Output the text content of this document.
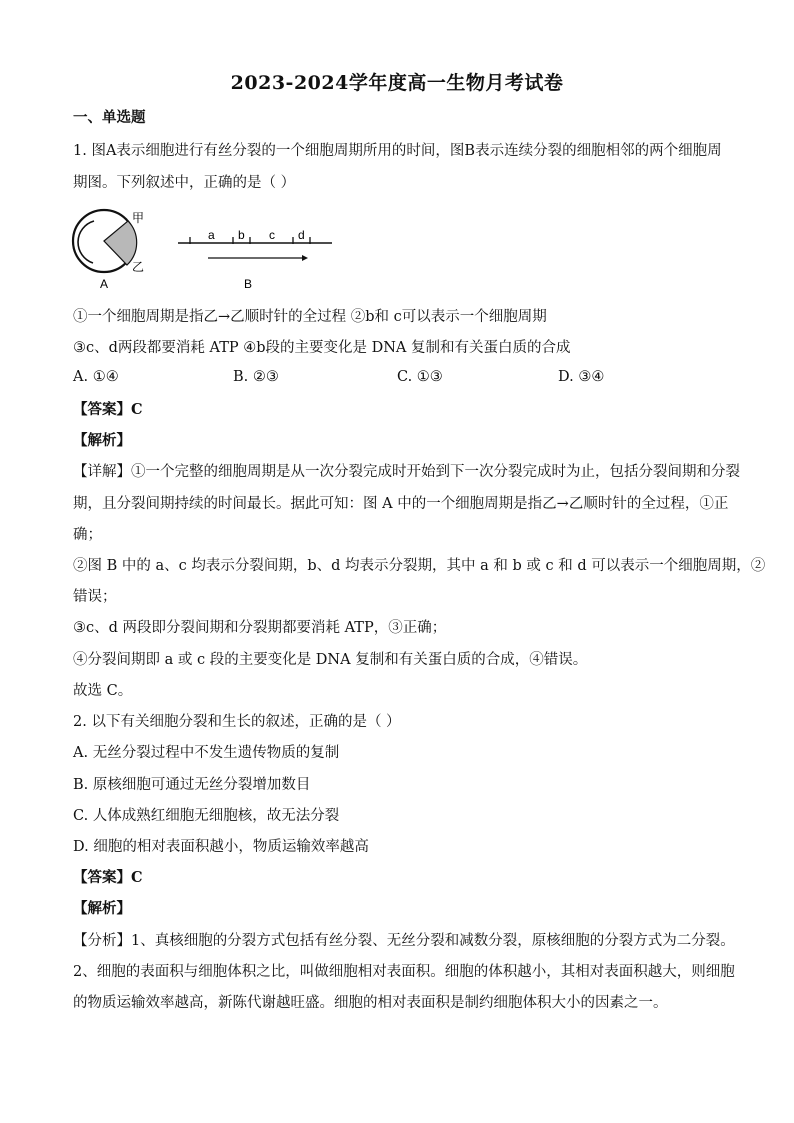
2023-2024学年度高一生物月考试卷
一、单选题
1. 图A表示细胞进行有丝分裂的一个细胞周期所用的时间，图B表示连续分裂的细胞相邻的两个细胞周
期图。下列叙述中，正确的是（ ）
甲
乙
A
a b c d
B
①一个细胞周期是指乙→乙顺时针的全过程 ②b和 c可以表示一个细胞周期
③c、d两段都要消耗 ATP ④b段的主要变化是 DNA 复制和有关蛋白质的合成
A. ①④	B. ②③	C. ①③	D. ③④
【答案】C
【解析】
【详解】①一个完整的细胞周期是从一次分裂完成时开始到下一次分裂完成时为止，包括分裂间期和分裂
期，且分裂间期持续的时间最长。据此可知：图 A 中的一个细胞周期是指乙→乙顺时针的全过程，①正
确；
②图 B 中的 a、c 均表示分裂间期，b、d 均表示分裂期，其中 a 和 b 或 c 和 d 可以表示一个细胞周期，②
错误；
③c、d 两段即分裂间期和分裂期都要消耗 ATP，③正确；
④分裂间期即 a 或 c 段的主要变化是 DNA 复制和有关蛋白质的合成，④错误。
故选 C。
2. 以下有关细胞分裂和生长的叙述，正确的是（ ）
A. 无丝分裂过程中不发生遗传物质的复制
B. 原核细胞可通过无丝分裂增加数目
C. 人体成熟红细胞无细胞核，故无法分裂
D. 细胞的相对表面积越小，物质运输效率越高
【答案】C
【解析】
【分析】1、真核细胞的分裂方式包括有丝分裂、无丝分裂和减数分裂，原核细胞的分裂方式为二分裂。
2、细胞的表面积与细胞体积之比，叫做细胞相对表面积。细胞的体积越小，其相对表面积越大，则细胞
的物质运输效率越高，新陈代谢越旺盛。细胞的相对表面积是制约细胞体积大小的因素之一。
